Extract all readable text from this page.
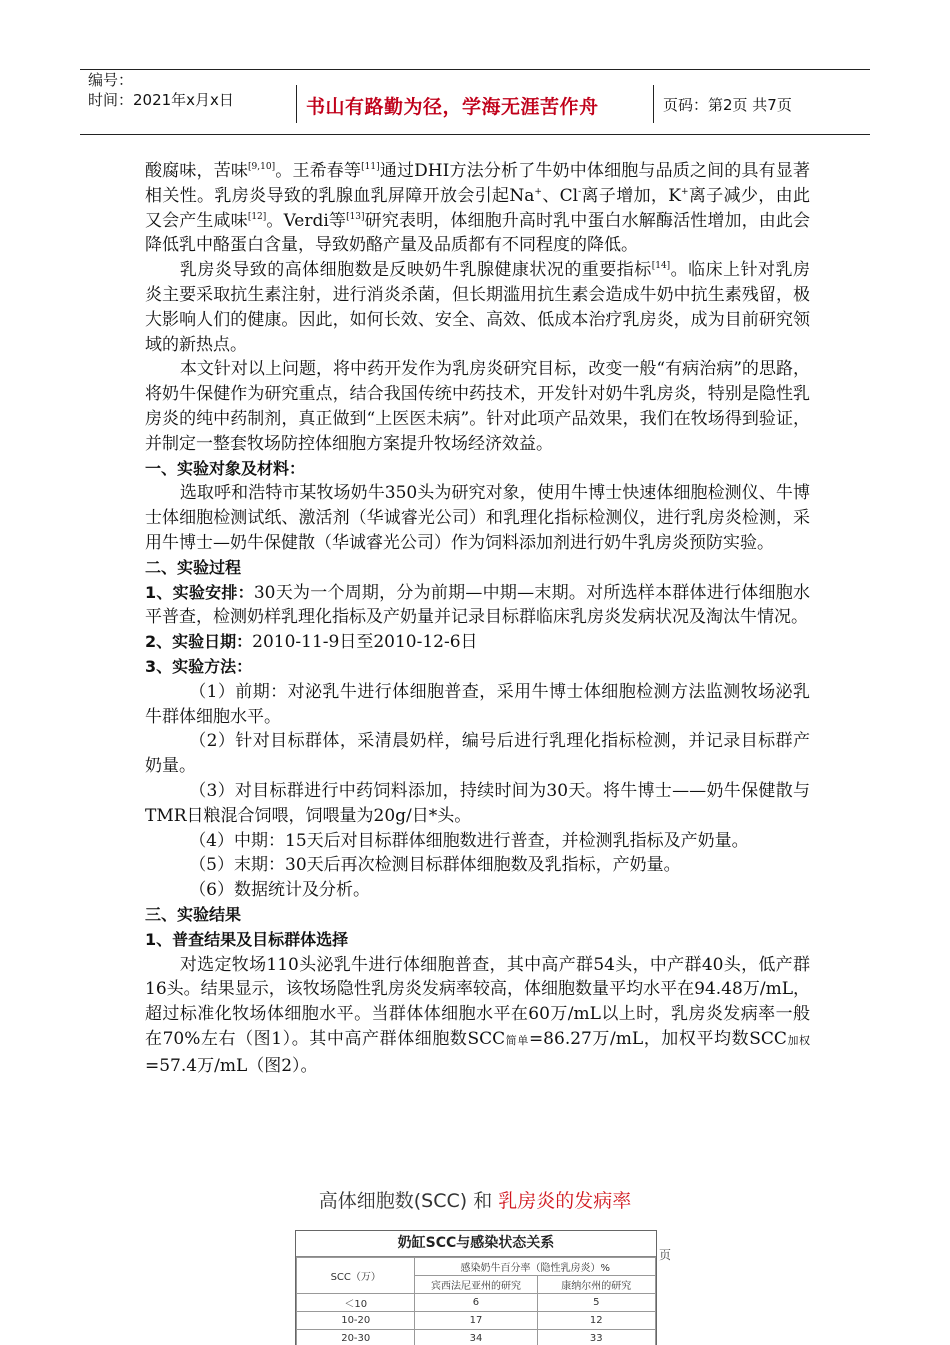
编号：
时间：2021年x月x日	书山有路勤为径，学海无涯苦作舟	页码：第2页 共7页

酸腐味，苦味[9,10]。王希春等[11]通过DHI方法分析了牛奶中体细胞与品质之间的具有显著相关性。乳房炎导致的乳腺血乳屏障开放会引起Na+、Cl-离子增加，K+离子减少，由此又会产生咸味[12]。Verdi等[13]研究表明，体细胞升高时乳中蛋白水解酶活性增加，由此会降低乳中酪蛋白含量，导致奶酪产量及品质都有不同程度的降低。

乳房炎导致的高体细胞数是反映奶牛乳腺健康状况的重要指标[14]。临床上针对乳房炎主要采取抗生素注射，进行消炎杀菌，但长期滥用抗生素会造成牛奶中抗生素残留，极大影响人们的健康。因此，如何长效、安全、高效、低成本治疗乳房炎，成为目前研究领域的新热点。

本文针对以上问题，将中药开发作为乳房炎研究目标，改变一般“有病治病”的思路，将奶牛保健作为研究重点，结合我国传统中药技术，开发针对奶牛乳房炎，特别是隐性乳房炎的纯中药制剂，真正做到“上医医未病”。针对此项产品效果，我们在牧场得到验证，并制定一整套牧场防控体细胞方案提升牧场经济效益。

一、实验对象及材料：

选取呼和浩特市某牧场奶牛350头为研究对象，使用牛博士快速体细胞检测仪、牛博士体细胞检测试纸、激活剂（华诚睿光公司）和乳理化指标检测仪，进行乳房炎检测，采用牛博士—奶牛保健散（华诚睿光公司）作为饲料添加剂进行奶牛乳房炎预防实验。

二、实验过程

1、实验安排：30天为一个周期，分为前期—中期—末期。对所选样本群体进行体细胞水平普查，检测奶样乳理化指标及产奶量并记录目标群临床乳房炎发病状况及淘汰牛情况。

2、实验日期：2010-11-9日至2010-12-6日

3、实验方法：

（1）前期：对泌乳牛进行体细胞普查，采用牛博士体细胞检测方法监测牧场泌乳牛群体细胞水平。

（2）针对目标群体，采清晨奶样，编号后进行乳理化指标检测，并记录目标群产奶量。

（3）对目标群进行中药饲料添加，持续时间为30天。将牛博士——奶牛保健散与TMR日粮混合饲喂，饲喂量为20g/日*头。

（4）中期：15天后对目标群体细胞数进行普查，并检测乳指标及产奶量。

（5）末期：30天后再次检测目标群体细胞数及乳指标，产奶量。

（6）数据统计及分析。

三、实验结果

1、普查结果及目标群体选择

对选定牧场110头泌乳牛进行体细胞普查，其中高产群54头，中产群40头，低产群16头。结果显示，该牧场隐性乳房炎发病率较高，体细胞数量平均水平在94.48万/mL，超过标准化牧场体细胞水平。当群体体细胞水平在60万/mL以上时，乳房炎发病率一般在70%左右（图1）。其中高产群体细胞数SCC简单=86.27万/mL，加权平均数SCC加权=57.4万/mL（图2）。

高体细胞数(SCC) 和 乳房炎的发病率
奶缸SCC与感染状态关系
SCC（万）	感染奶牛百分率（隐性乳房炎）%	
	宾西法尼亚州的研究	康纳尔州的研究
＜10	6	5
10-20	17	12
20-30	34	33
页
